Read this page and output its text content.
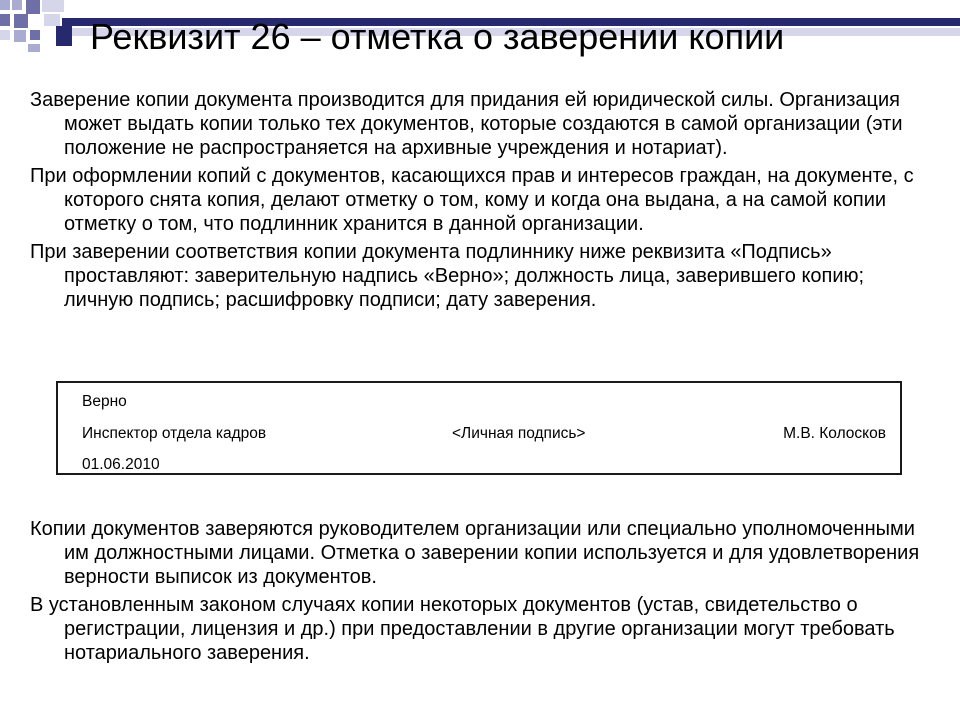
Реквизит 26 – отметка о заверении копии

Заверение копии документа производится для придания ей юридической силы. Организация может выдать копии только тех документов, которые создаются в самой организации (эти положение не распространяется на архивные учреждения и нотариат).

При оформлении копий с документов, касающихся прав и интересов граждан, на документе, с которого снята копия, делают отметку о том, кому и когда она выдана, а на самой копии отметку о том, что подлинник хранится в данной организации.

При заверении соответствия копии документа подлиннику ниже реквизита «Подпись» проставляют: заверительную надпись «Верно»; должность лица, заверившего копию; личную подпись; расшифровку подписи; дату заверения.

Верно
Инспектор отдела кадров	<Личная подпись>	М.В. Колосков
01.06.2010

Копии документов заверяются руководителем организации или специально уполномоченными им должностными лицами. Отметка о заверении копии используется и для удовлетворения верности выписок из документов.

В установленным законом случаях копии некоторых документов (устав, свидетельство о регистрации, лицензия и др.) при предоставлении в другие организации могут требовать нотариального заверения.
